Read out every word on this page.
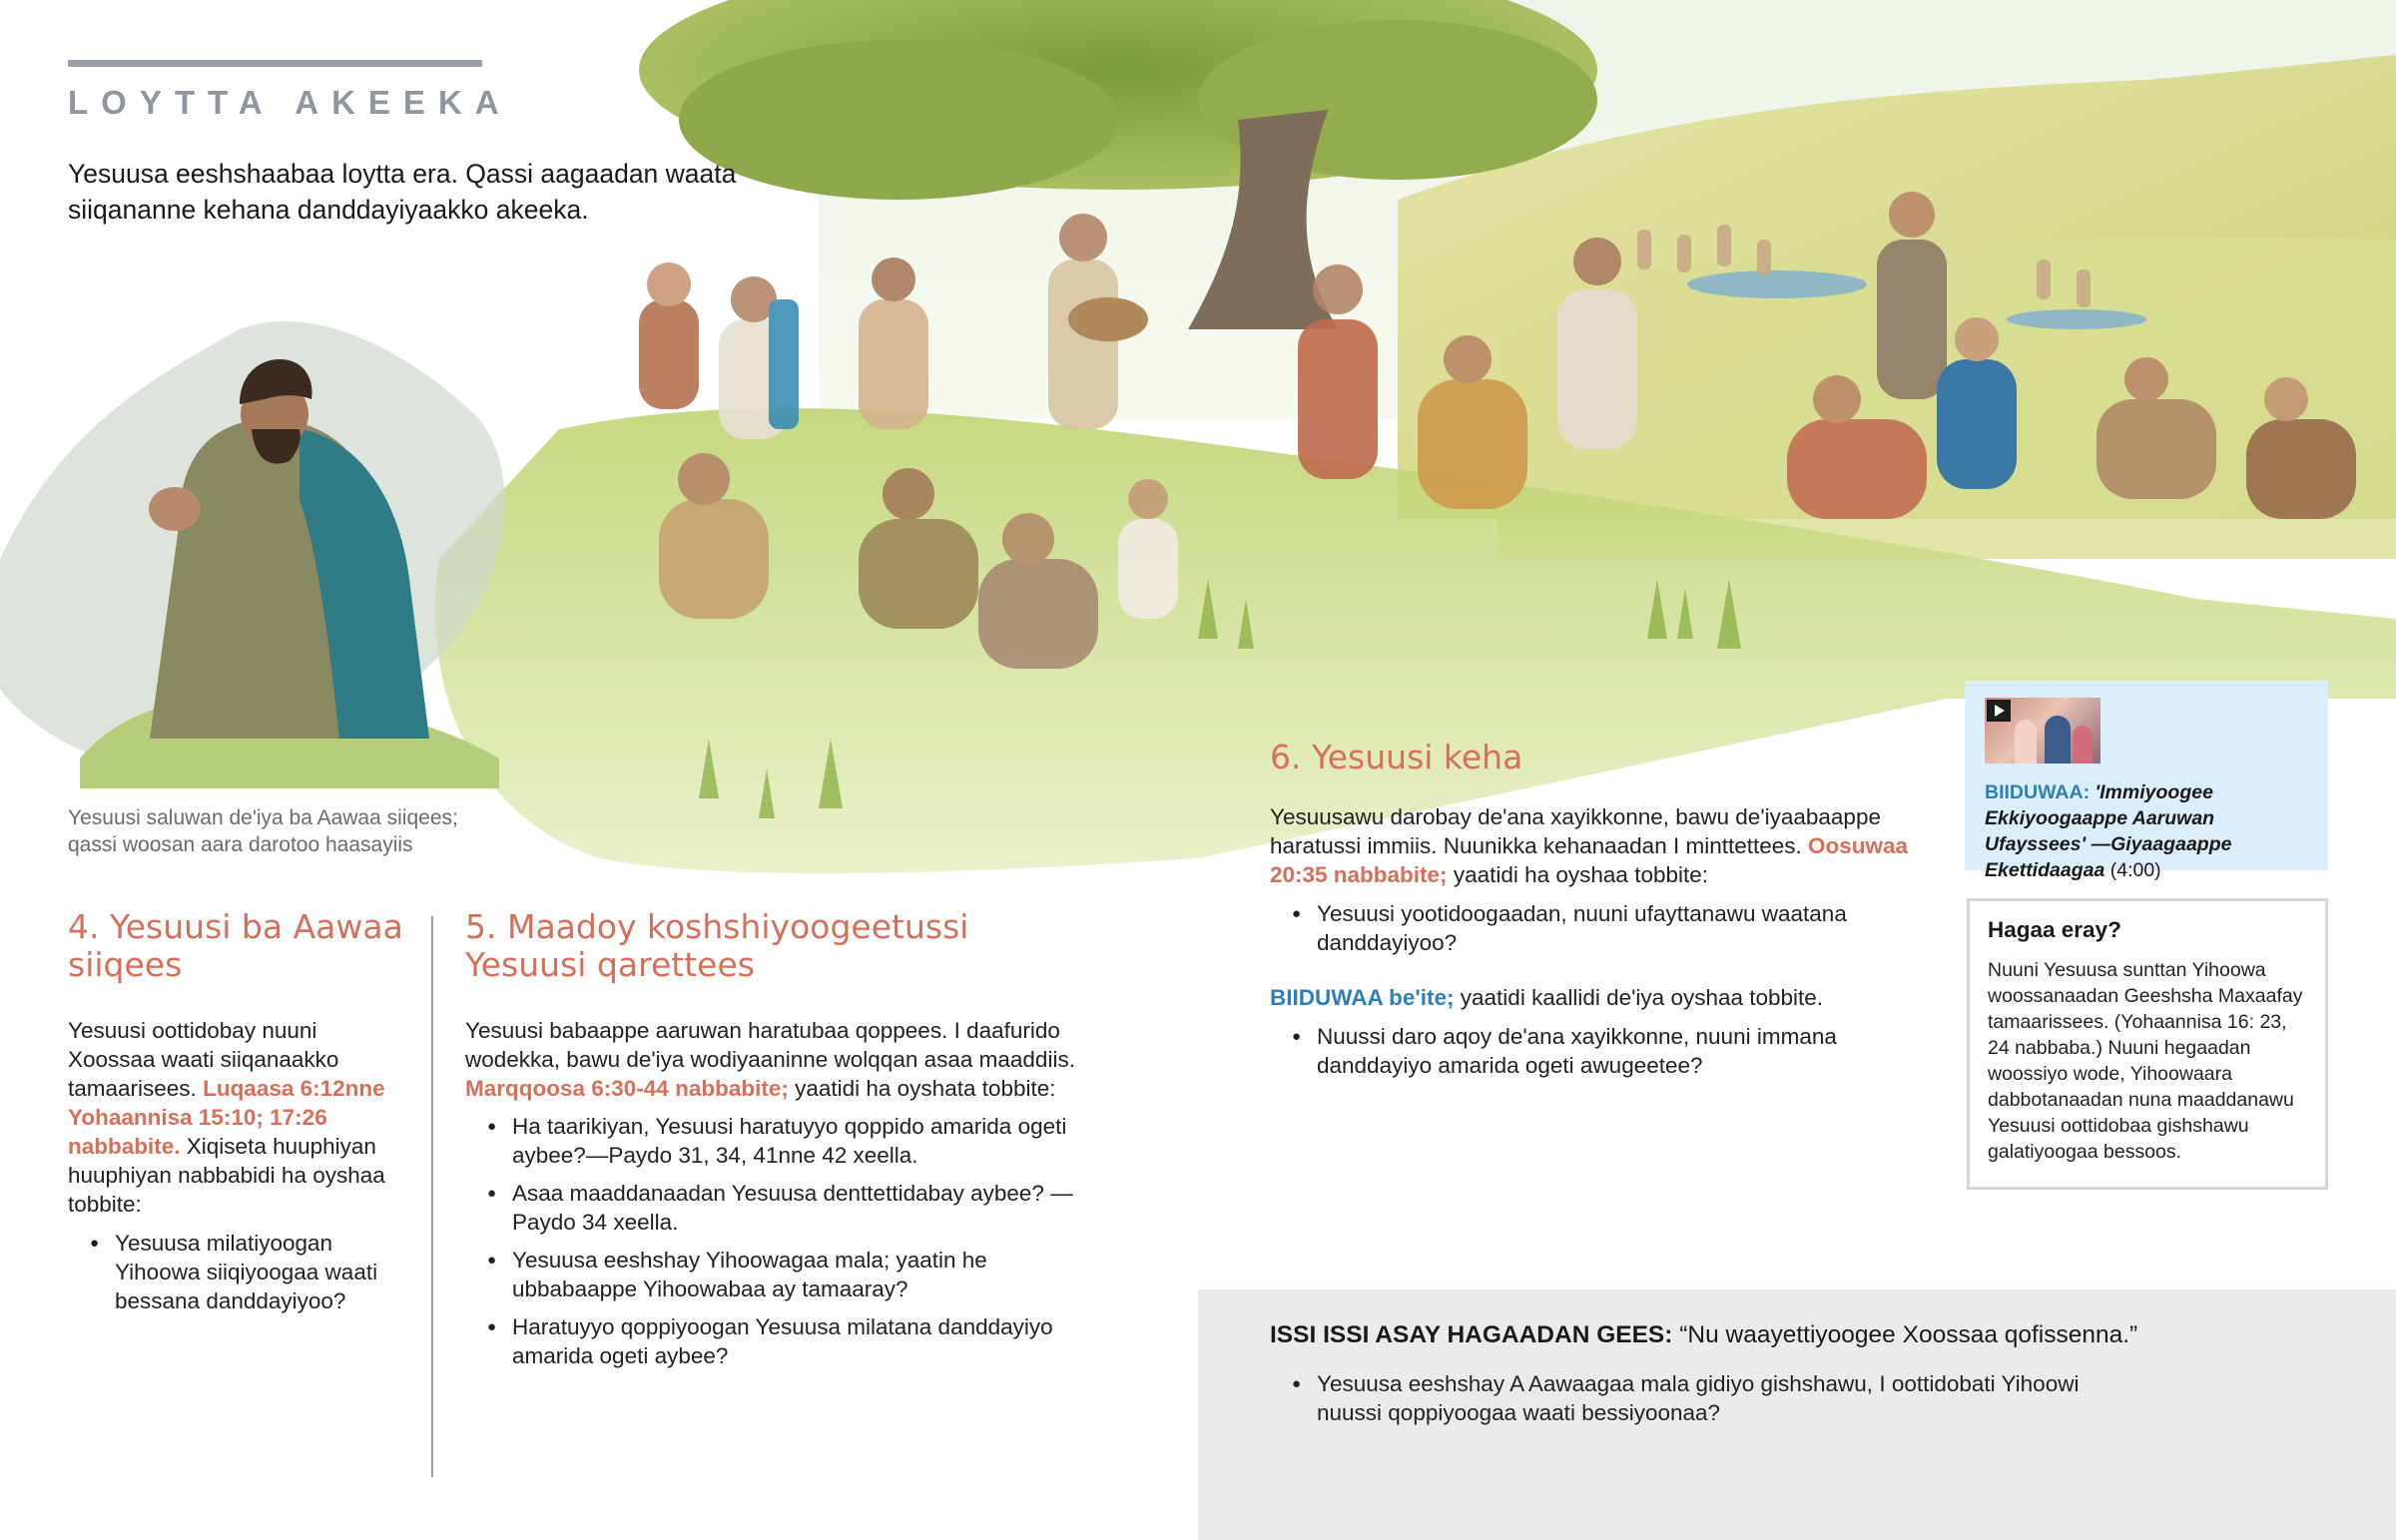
LOYTTA AKEEKA
Yesuusa eeshshaabaa loytta era. Qassi aagaadan waata siiqananne kehana danddayiyaakko akeeka.
Yesuusi saluwan de'iya ba Aawaa siiqees; qassi woosan aara darotoo haasayiis
4. Yesuusi ba Aawaa siiqees

Yesuusi oottidobay nuuni Xoossaa waati siiqanaakko tamaarisees. Luqaasa 6:12nne Yohaannisa 15:10; 17:26 nabbabite. Xiqiseta huuphiyan huuphiyan nabbabidi ha oyshaa tobbite:

● Yesuusa milatiyoogan Yihoowa siiqiyoogaa waati bessana danddayiyoo?
5. Maadoy koshshiyoogeetussi Yesuusi qarettees

Yesuusi babaappe aaruwan haratubaa qoppees. I daafurido wodekka, bawu de'iya wodiyaaninne wolqqan asaa maaddiis. Marqqoosa 6:30-44 nabbabite; yaatidi ha oyshata tobbite:

● Ha taarikiyan, Yesuusi haratuyyo qoppido amarida ogeti aybee?—Paydo 31, 34, 41nne 42 xeella.
● Asaa maaddanaadan Yesuusa denttettidabay aybee? —Paydo 34 xeella.
● Yesuusa eeshshay Yihoowagaa mala; yaatin he ubbabaappe Yihoowabaa ay tamaaray?
● Haratuyyo qoppiyoogan Yesuusa milatana danddayiyo amarida ogeti aybee?
6. Yesuusi keha

Yesuusawu darobay de'ana xayikkonne, bawu de'iyaabaappe haratussi immiis. Nuunikka kehanaadan I minttettees. Oosuwaa 20:35 nabbabite; yaatidi ha oyshaa tobbite:

● Yesuusi yootidoogaadan, nuuni ufayttanawu waatana danddayiyoo?

BIIDUWAA be'ite; yaatidi kaallidi de'iya oyshaa tobbite.

● Nuussi daro aqoy de'ana xayikkonne, nuuni immana danddayiyo amarida ogeti awugeetee?
BIIDUWAA: 'Immiyoogee Ekkiyoogaappe Aaruwan Ufayssees' —Giyaagaappe Ekettidaagaa (4:00)
Hagaa eray?

Nuuni Yesuusa sunttan Yihoowa woossanaadan Geeshsha Maxaafay tamaarissees. (Yohaannisa 16: 23, 24 nabbaba.) Nuuni hegaadan woossiyo wode, Yihoowaara dabbotanaadan nuna maaddanawu Yesuusi oottidobaa gishshawu galatiyoogaa bessoos.

ISSI ISSI ASAY HAGAADAN GEES: “Nu waayettiyoogee Xoossaa qofissenna.”
● Yesuusa eeshshay A Aawaagaa mala gidiyo gishshawu, I oottidobati Yihoowi nuussi qoppiyoogaa waati bessiyoonaa?
